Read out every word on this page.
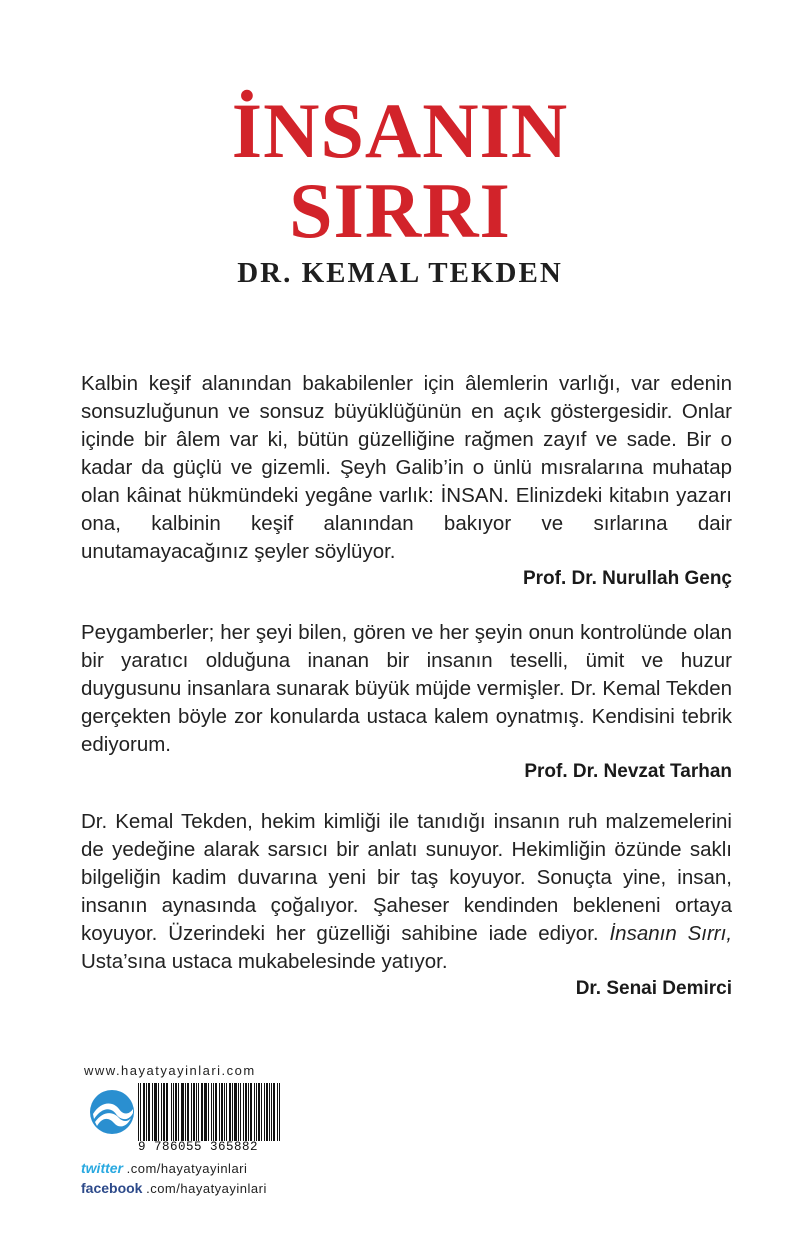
İNSANIN
SIRRI
DR. KEMAL TEKDEN

Kalbin keşif alanından bakabilenler için âlemlerin varlığı, var edenin sonsuzluğunun ve sonsuz büyüklüğünün en açık göstergesidir. Onlar içinde bir âlem var ki, bütün güzelliğine rağmen zayıf ve sade. Bir o kadar da güçlü ve gizemli. Şeyh Galib’in o ünlü mısralarına muhatap olan kâinat hükmündeki yegâne varlık: İNSAN. Elinizdeki kitabın yazarı ona, kalbinin keşif alanından bakıyor ve sırlarına dair unutamayacağınız şeyler söylüyor.

Prof. Dr. Nurullah Genç

Peygamberler; her şeyi bilen, gören ve her şeyin onun kontrolünde olan bir yaratıcı olduğuna inanan bir insanın teselli, ümit ve huzur duygusunu insanlara sunarak büyük müjde vermişler. Dr. Kemal Tekden gerçekten böyle zor konularda ustaca kalem oynatmış. Kendisini tebrik ediyorum.

Prof. Dr. Nevzat Tarhan

Dr. Kemal Tekden, hekim kimliği ile tanıdığı insanın ruh malzemelerini de yedeğine alarak sarsıcı bir anlatı sunuyor. Hekimliğin özünde saklı bilgeliğin kadim duvarına yeni bir taş koyuyor. Sonuçta yine, insan, insanın aynasında çoğalıyor. Şaheser kendinden bekleneni ortaya koyuyor. Üzerindeki her güzelliği sahibine iade ediyor. İnsanın Sırrı, Usta’sına ustaca mukabelesinde yatıyor.

Dr. Senai Demirci

www.hayatyayinlari.com
9 786055 365882
twitter .com/hayatyayinlari
facebook .com/hayatyayinlari
